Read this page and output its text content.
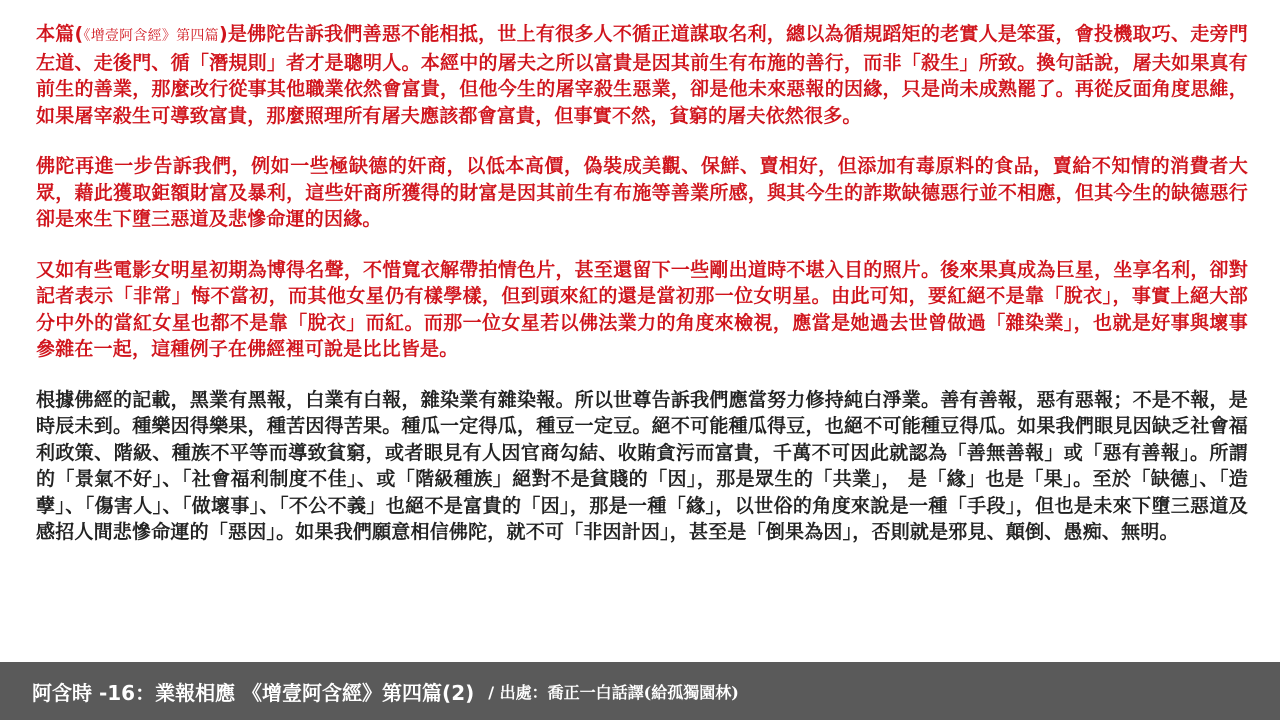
本篇(《增壹阿含經》第四篇)是佛陀告訴我們善惡不能相抵，世上有很多人不循正道謀取名利，總以為循規蹈矩的老實人是笨蛋，會投機取巧、走旁門左道、走後門、循「潛規則」者才是聰明人。本經中的屠夫之所以富貴是因其前生有布施的善行，而非「殺生」所致。換句話說，屠夫如果真有前生的善業，那麼改行從事其他職業依然會富貴，但他今生的屠宰殺生惡業，卻是他未來惡報的因緣，只是尚未成熟罷了。再從反面角度思維，如果屠宰殺生可導致富貴，那麼照理所有屠夫應該都會富貴，但事實不然，貧窮的屠夫依然很多。

佛陀再進一步告訴我們，例如一些極缺德的奸商，以低本高價，偽裝成美觀、保鮮、賣相好，但添加有毒原料的食品，賣給不知情的消費者大眾，藉此獲取鉅額財富及暴利，這些奸商所獲得的財富是因其前生有布施等善業所感，與其今生的詐欺缺德惡行並不相應，但其今生的缺德惡行卻是來生下墮三惡道及悲慘命運的因緣。

又如有些電影女明星初期為博得名聲，不惜寬衣解帶拍情色片，甚至還留下一些剛出道時不堪入目的照片。後來果真成為巨星，坐享名利，卻對記者表示「非常」悔不當初，而其他女星仍有樣學樣，但到頭來紅的還是當初那一位女明星。由此可知，要紅絕不是靠「脫衣」，事實上絕大部分中外的當紅女星也都不是靠「脫衣」而紅。而那一位女星若以佛法業力的角度來檢視，應當是她過去世曾做過「雜染業」，也就是好事與壞事參雜在一起，這種例子在佛經裡可說是比比皆是。

根據佛經的記載，黑業有黑報，白業有白報，雜染業有雜染報。所以世尊告訴我們應當努力修持純白淨業。善有善報，惡有惡報；不是不報，是時辰未到。種樂因得樂果，種苦因得苦果。種瓜一定得瓜，種豆一定豆。絕不可能種瓜得豆，也絕不可能種豆得瓜。如果我們眼見因缺乏社會福利政策、階級、種族不平等而導致貧窮，或者眼見有人因官商勾結、收賄貪污而富貴，千萬不可因此就認為「善無善報」或「惡有善報」。所謂的「景氣不好」、「社會福利制度不佳」、或「階級種族」絕對不是貧賤的「因」，那是眾生的「共業」， 是「緣」也是「果」。至於「缺德」、「造孽」、「傷害人」、「做壞事」、「不公不義」也絕不是富貴的「因」，那是一種「緣」，以世俗的角度來說是一種「手段」，但也是未來下墮三惡道及感招人間悲慘命運的「惡因」。如果我們願意相信佛陀，就不可「非因計因」，甚至是「倒果為因」，否則就是邪見、顛倒、愚痴、無明。

阿含時 -16：業報相應 《增壹阿含經》第四篇(2) / 出處：喬正一白話譯(給孤獨園林)
